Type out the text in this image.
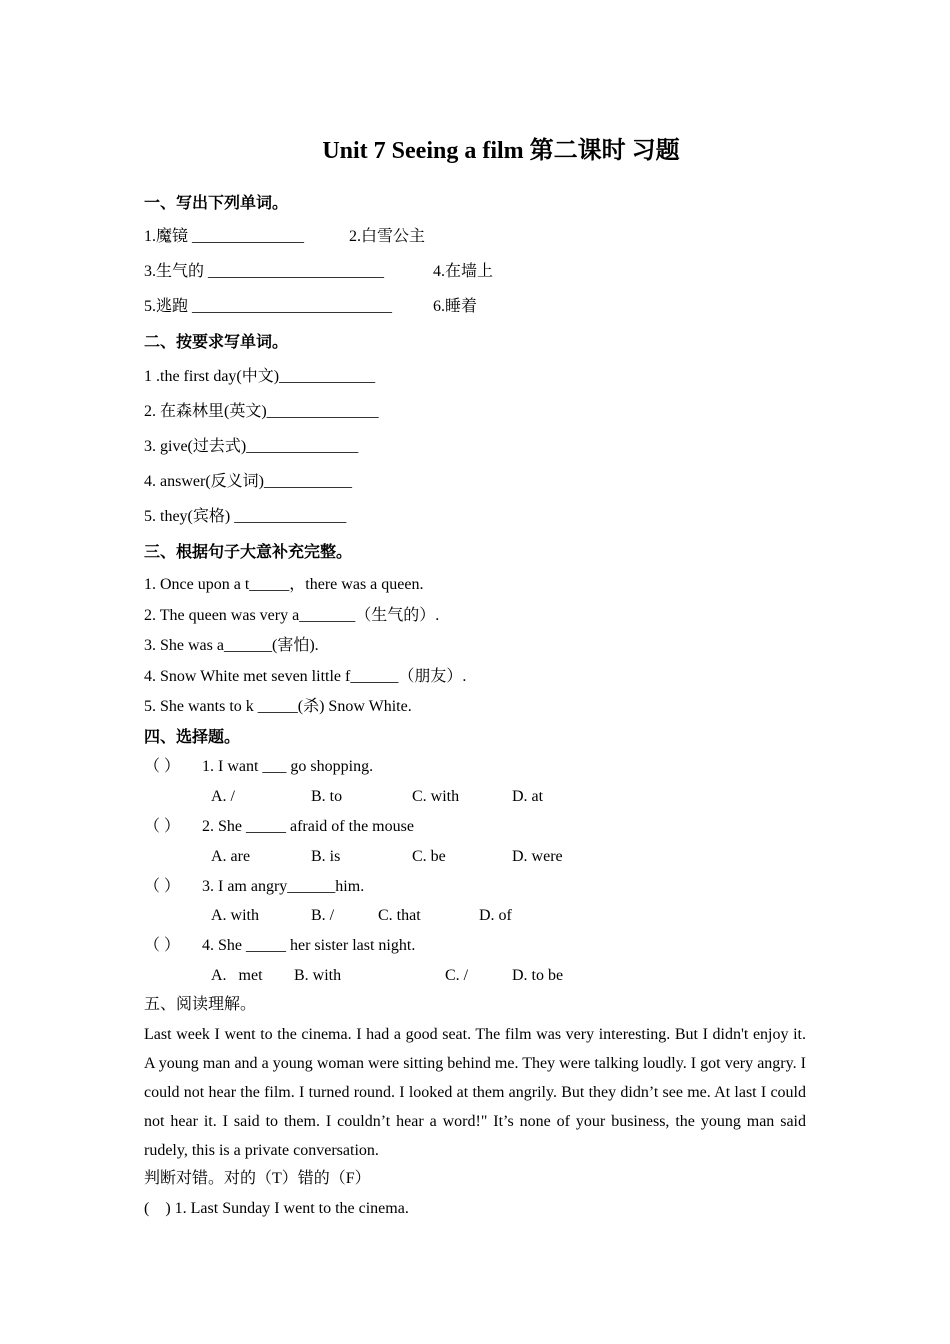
Unit 7 Seeing a film 第二课时 习题
一、写出下列单词。
1.魔镜 ______________	2.白雪公主
3.生气的 ______________________	4.在墙上
5.逃跑 _________________________	6.睡着
二、按要求写单词。
1 .the first day(中文)____________
2. 在森林里(英文)______________
3. give(过去式)______________
4. answer(反义词)___________
5. they(宾格) ______________
三、根据句子大意补充完整。
1. Once upon a t_____，there was a queen.
2. The queen was very a_______（生气的）.
3. She was a______(害怕).
4. Snow White met seven little f______（朋友）.
5. She wants to k _____(杀) Snow White.
四、选择题。
（ ） 1. I want ___ go shopping.
A. /	B. to	C. with	D. at
（ ） 2. She _____ afraid of the mouse
A. are	B. is	C. be	D. were
（ ） 3. I am angry______him.
A. with	B. /	C. that	D. of
（ ） 4. She _____ her sister last night.
A.   met B. with	C. /	D. to be
五、阅读理解。
Last week I went to the cinema. I had a good seat. The film was very interesting. But I didn't enjoy it. A young man and a young woman were sitting behind me. They were talking loudly. I got very angry. I could not hear the film. I turned round. I looked at them angrily. But they didn’t see me. At last I could not hear it. I said to them. I couldn’t hear a word!" It’s none of your business, the young man said rudely, this is a private conversation.
判断对错。对的（T）错的（F）
(    ) 1. Last Sunday I went to the cinema.
